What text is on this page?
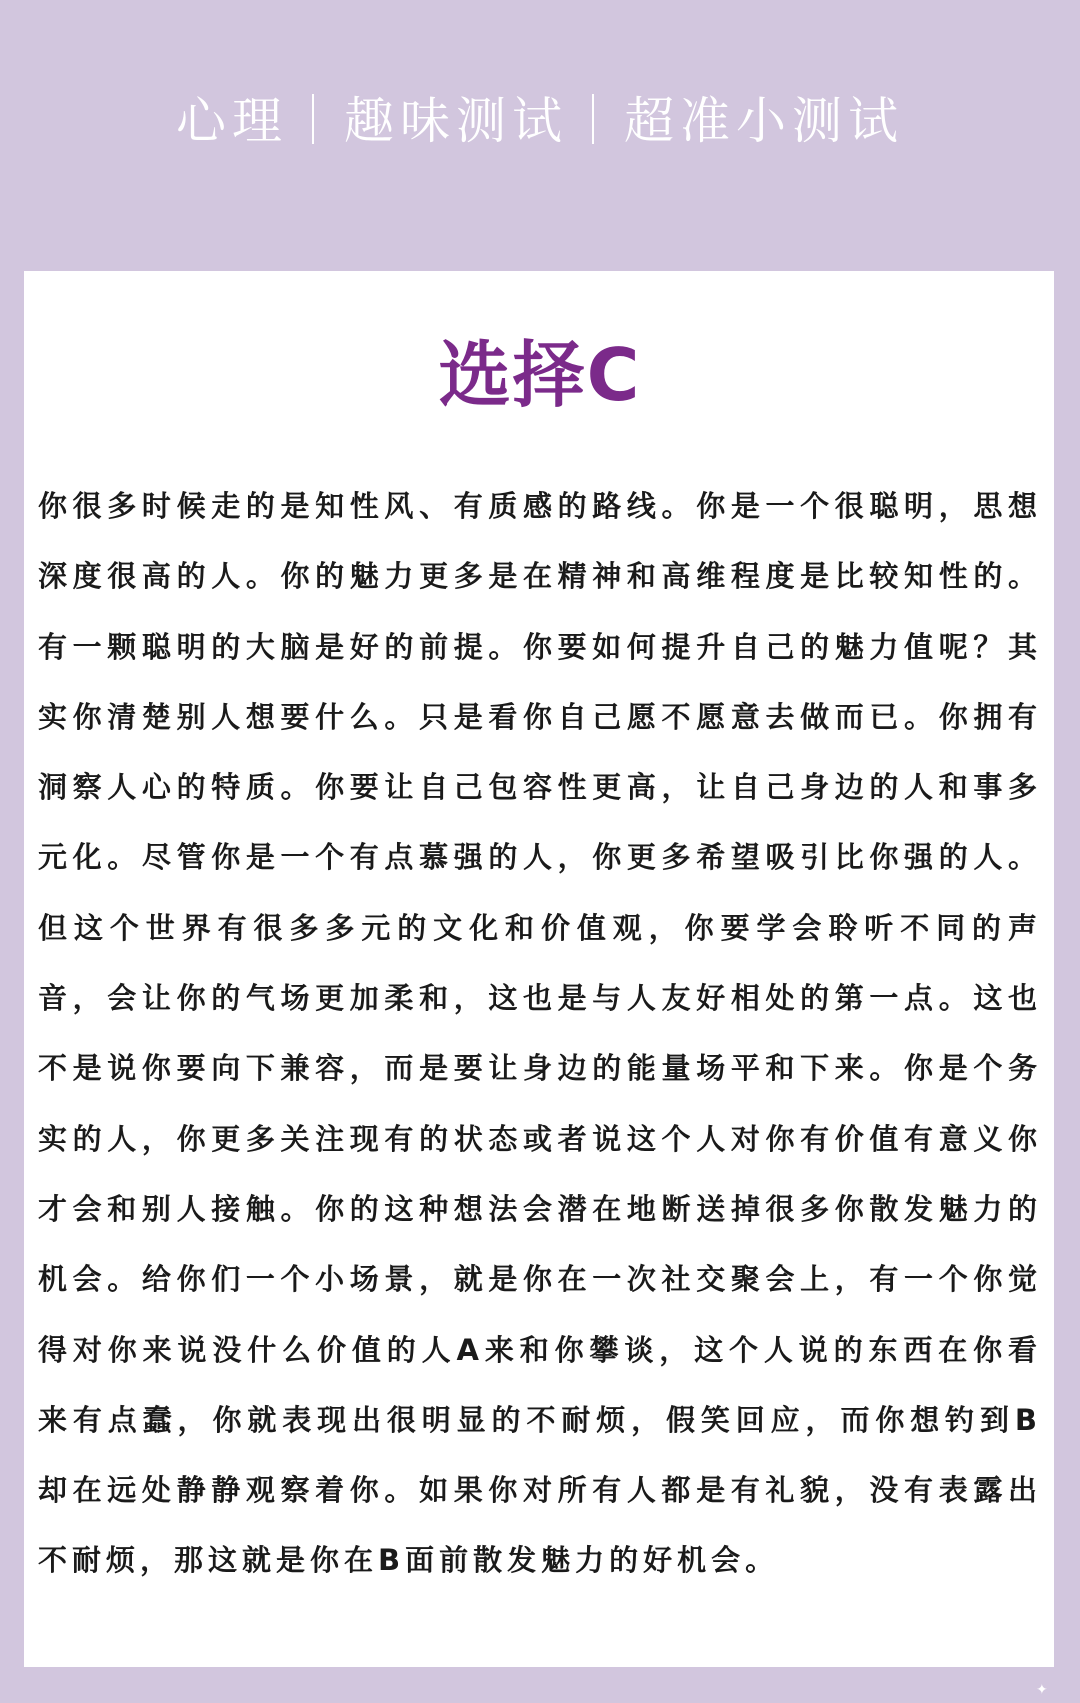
心理｜趣味测试｜超准小测试
选择C

你很多时候走的是知性风、有质感的路线。你是一个很聪明，思想深度很高的人。你的魅力更多是在精神和高维程度是比较知性的。有一颗聪明的大脑是好的前提。你要如何提升自己的魅力值呢？其实你清楚别人想要什么。只是看你自己愿不愿意去做而已。你拥有洞察人心的特质。你要让自己包容性更高，让自己身边的人和事多元化。尽管你是一个有点慕强的人，你更多希望吸引比你强的人。但这个世界有很多多元的文化和价值观，你要学会聆听不同的声音，会让你的气场更加柔和，这也是与人友好相处的第一点。这也不是说你要向下兼容，而是要让身边的能量场平和下来。你是个务实的人，你更多关注现有的状态或者说这个人对你有价值有意义你才会和别人接触。你的这种想法会潜在地断送掉很多你散发魅力的机会。给你们一个小场景，就是你在一次社交聚会上，有一个你觉得对你来说没什么价值的人A来和你攀谈，这个人说的东西在你看来有点蠢，你就表现出很明显的不耐烦，假笑回应，而你想钓到B却在远处静静观察着你。如果你对所有人都是有礼貌，没有表露出不耐烦，那这就是你在B面前散发魅力的好机会。

✦
